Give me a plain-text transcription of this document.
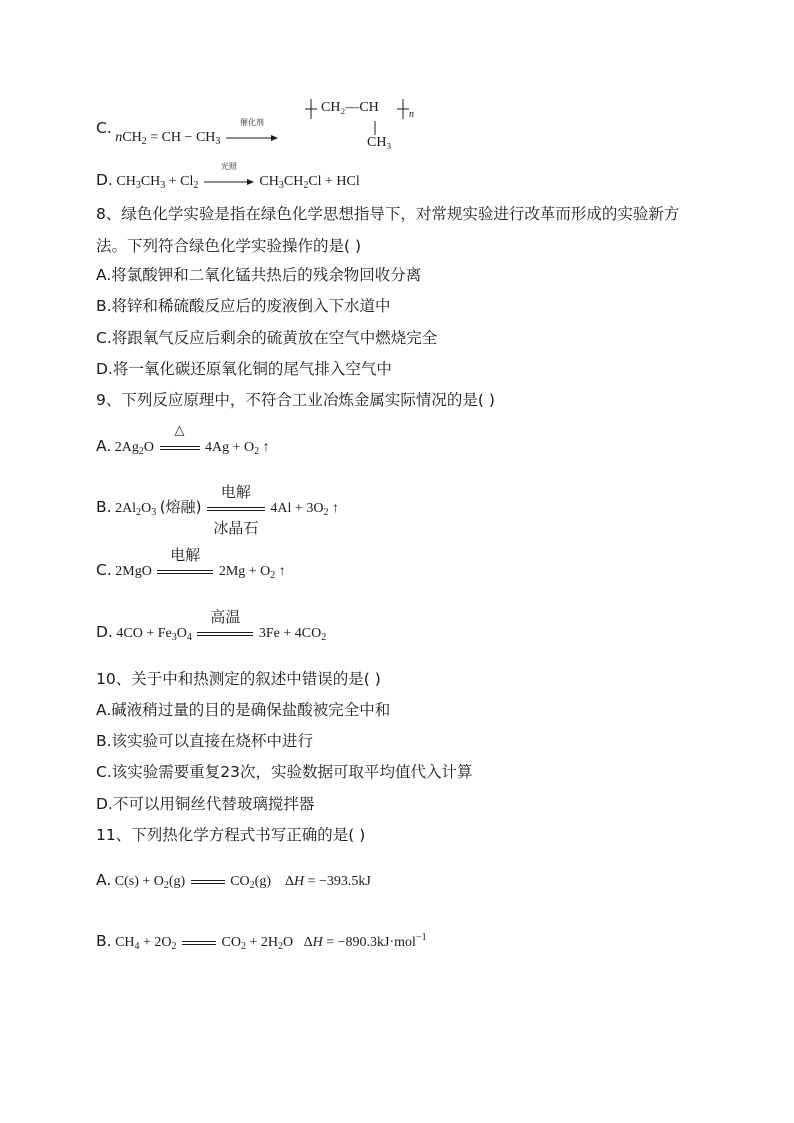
CH₂—CH	n
CH₃
C. nCH$_2$ = CH − $CH_3$
催化剂
D. $CH_3CH_3 + Cl_2$
光照
$CH_3CH_2Cl$ + HCl
8、绿色化学实验是指在绿色化学思想指导下，对常规实验进行改革而形成的实验新方
法。下列符合绿色化学实验操作的是( )
A.将氯酸钾和二氧化锰共热后的残余物回收分离
B.将锌和稀硫酸反应后的废液倒入下水道中
C.将跟氧气反应后剩余的硫黄放在空气中燃烧完全
D.将一氧化碳还原氧化铜的尾气排入空气中
9、下列反应原理中，不符合工业冶炼金属实际情况的是( )
A. $2Ag_2O$
△
$4Ag + O_2$ ↑
B. $2Al_2O_3$ (熔融)
电解
冰晶石
$4Al + 3O_2$ ↑
C. 2MgO
电解
$2Mg + O_2$ ↑
D. $4CO + Fe_3O_4$
高温
$3Fe + 4CO_2$
10、关于中和热测定的叙述中错误的是( )
A.碱液稍过量的目的是确保盐酸被完全中和
B.该实验可以直接在烧杯中进行
C.该实验需要重复23次，实验数据可取平均值代入计算
D.不可以用铜丝代替玻璃搅拌器
11、下列热化学方程式书写正确的是( )
A. $C(s) + O_2(g)$	$CO_2(g)$    ΔH = −393.5kJ
B. $CH_4 + 2O_2$	$CO_2 + 2H_2O$   ΔH = −890.3kJ·mol$^{-1}$
